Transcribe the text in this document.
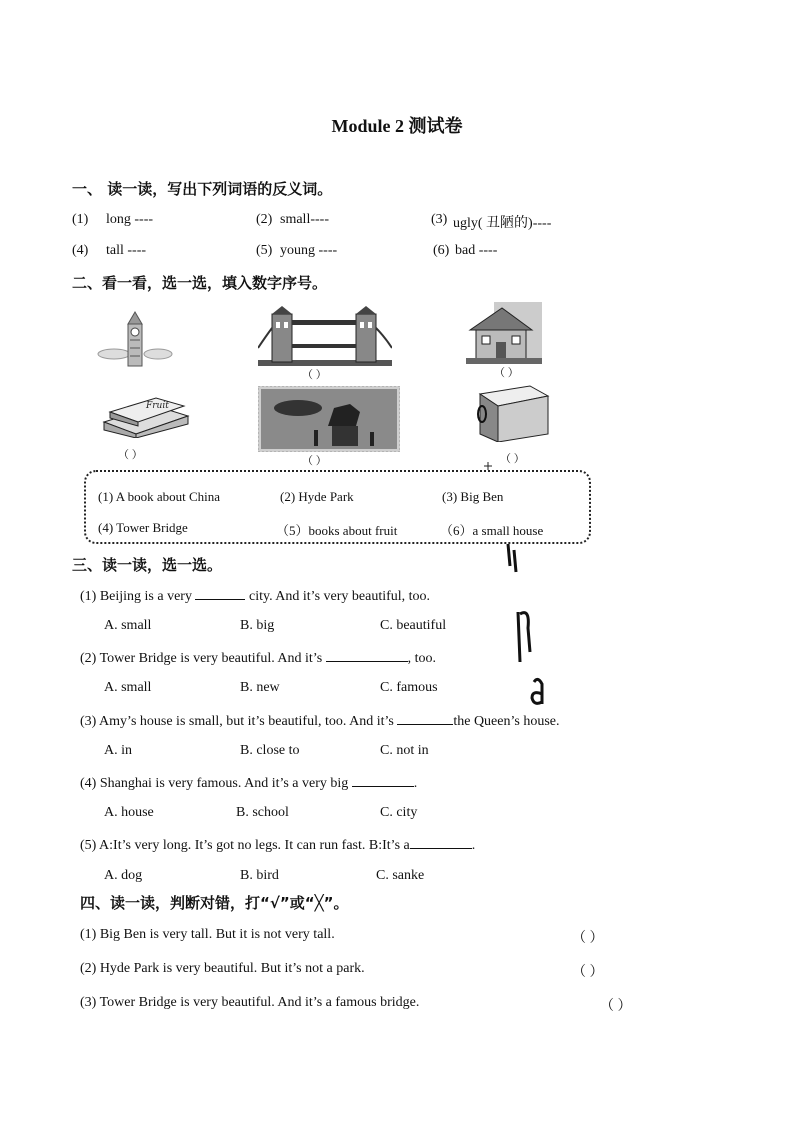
Module 2 测试卷
一、 读一读，写出下列词语的反义词。
(1) long ----	(2) small----	(3) ugly( 丑陋的)----
(4) tall ----	(5) young ----	(6) bad ----
二、看一看，选一选，填入数字序号。
（ ）	（ ）
Fruit
（ ）	（ ）	（ ）
(1) A book about China	(2) Hyde Park	(3) Big Ben
(4) Tower Bridge	（5）books about fruit	（6）a small house
三、读一读，选一选。
(1) Beijing is a very	city. And it’s very beautiful, too.
A. small	B. big	C. beautiful
(2) Tower Bridge is very beautiful. And it’s	, too.
A. small	B. new	C. famous
(3) Amy’s house is small, but it’s beautiful, too. And it’s	the Queen’s house.
A. in	B. close to	C. not in
(4) Shanghai is very famous. And it’s a very big	.
A. house	B. school	C. city
(5) A:It’s very long. It’s got no legs. It can run fast. B:It’s a	.
A. dog	B. bird	C. sanke
四、读一读，判断对错，打“√”或“╳”。
(1) Big Ben is very tall. But it is not very tall.	（ ）
(2) Hyde Park is very beautiful. But it’s not a park.	（ ）
(3) Tower Bridge is very beautiful. And it’s a famous bridge.	（ ）
